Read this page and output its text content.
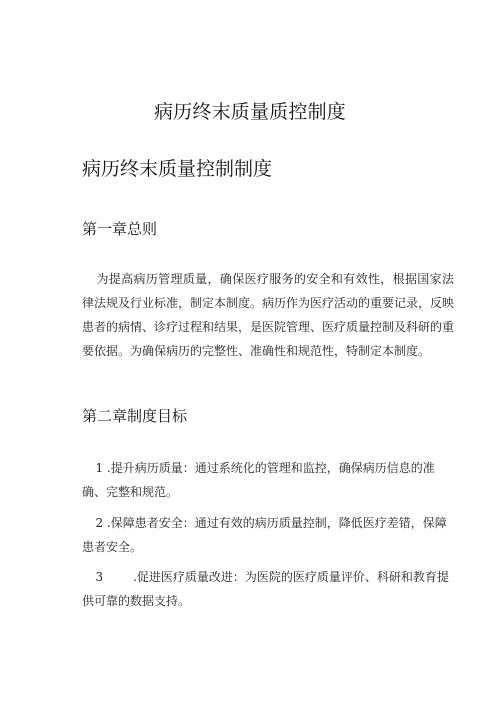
病历终末质量质控制度
病历终末质量控制制度
第一章总则
为提高病历管理质量，确保医疗服务的安全和有效性，根据国家法律法规及行业标准，制定本制度。病历作为医疗活动的重要记录，反映患者的病情、诊疗过程和结果，是医院管理、医疗质量控制及科研的重要依据。为确保病历的完整性、准确性和规范性，特制定本制度。
第二章制度目标
1 .提升病历质量：通过系统化的管理和监控，确保病历信息的准确、完整和规范。
2 .保障患者安全：通过有效的病历质量控制，降低医疗差错，保障患者安全。
3	.促进医疗质量改进：为医院的医疗质量评价、科研和教育提供可靠的数据支持。
